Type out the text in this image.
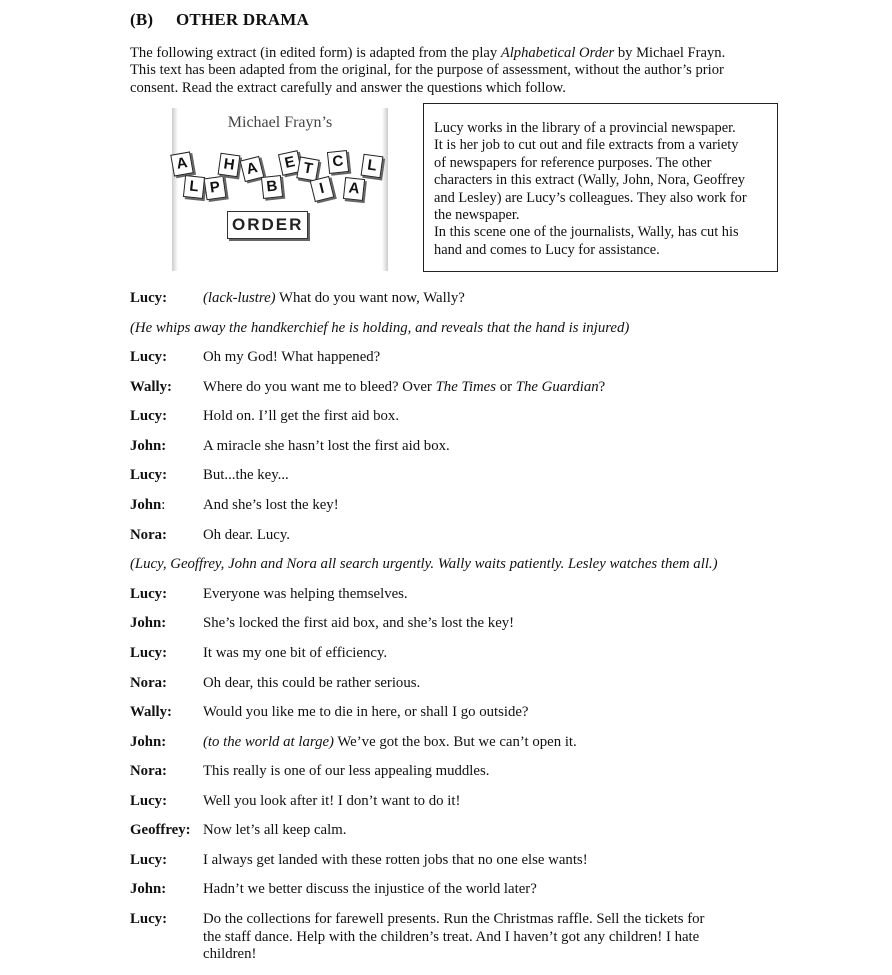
(B) OTHER DRAMA
The following extract (in edited form) is adapted from the play Alphabetical Order by Michael Frayn.
This text has been adapted from the original, for the purpose of assessment, without the author’s prior
consent. Read the extract carefully and answer the questions which follow.
Michael Frayn’s
A
L P
H A
B
E T
I
C
A
L
ORDER
Lucy works in the library of a provincial newspaper.
It is her job to cut out and file extracts from a variety
of newspapers for reference purposes. The other
characters in this extract (Wally, John, Nora, Geoffrey
and Lesley) are Lucy’s colleagues. They also work for
the newspaper.
In this scene one of the journalists, Wally, has cut his
hand and comes to Lucy for assistance.
Lucy: (lack-lustre) What do you want now, Wally?
(He whips away the handkerchief he is holding, and reveals that the hand is injured)
Lucy: Oh my God! What happened?
Wally: Where do you want me to bleed? Over The Times or The Guardian?
Lucy: Hold on. I’ll get the first aid box.
John: A miracle she hasn’t lost the first aid box.
Lucy: But...the key...
John:	And she’s lost the key!
Nora: Oh dear. Lucy.
(Lucy, Geoffrey, John and Nora all search urgently. Wally waits patiently. Lesley watches them all.)
Lucy: Everyone was helping themselves.
John: She’s locked the first aid box, and she’s lost the key!
Lucy: It was my one bit of efficiency.
Nora: Oh dear, this could be rather serious.
Wally: Would you like me to die in here, or shall I go outside?
John: (to the world at large) We’ve got the box. But we can’t open it.
Nora: This really is one of our less appealing muddles.
Lucy: Well you look after it! I don’t want to do it!
Geoffrey: Now let’s all keep calm.
Lucy: I always get landed with these rotten jobs that no one else wants!
John: Hadn’t we better discuss the injustice of the world later?
Lucy: Do the collections for farewell presents. Run the Christmas raffle. Sell the tickets for
the staff dance. Help with the children’s treat. And I haven’t got any children! I hate
children!
